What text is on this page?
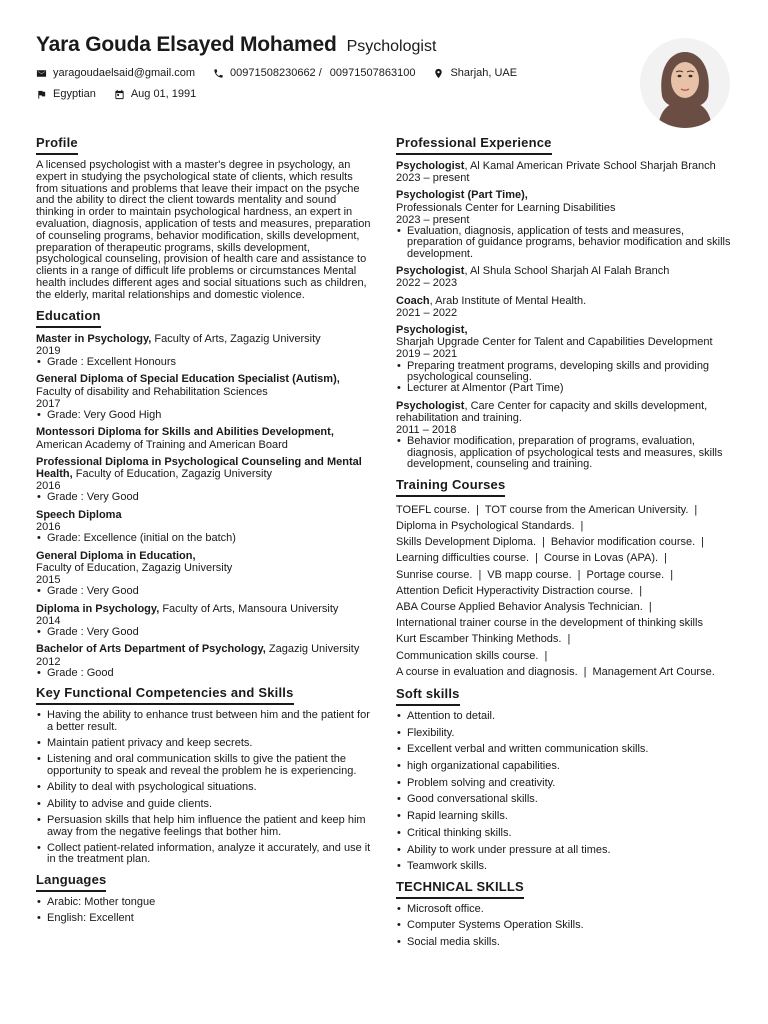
Yara Gouda Elsayed Mohamed Psychologist
yaragoudaelsaid@gmail.com	00971508230662 / 00971507863100	Sharjah, UAE
Egyptian	Aug 01, 1991
Profile
A licensed psychologist with a master's degree in psychology, an expert in studying the psychological state of clients, which results from situations and problems that leave their impact on the psyche and the ability to direct the client towards mentality and sound thinking in order to maintain psychological hardness, an expert in evaluation, diagnosis, application of tests and measures, preparation of counseling programs, behavior modification, skills development, preparation of therapeutic programs, skills development, psychological counseling, provision of health care and assistance to clients in a range of difficult life problems or circumstances Mental health includes different ages and social situations such as children, the elderly, marital relationships and domestic violence.
Education
Master in Psychology, Faculty of Arts, Zagazig University
2019
• Grade : Excellent Honours
General Diploma of Special Education Specialist (Autism),
Faculty of disability and Rehabilitation Sciences
2017
• Grade: Very Good High
Montessori Diploma for Skills and Abilities Development,
American Academy of Training and American Board
Professional Diploma in Psychological Counseling and Mental Health, Faculty of Education, Zagazig University
2016
• Grade : Very Good
Speech Diploma
2016
• Grade: Excellence (initial on the batch)
General Diploma in Education,
Faculty of Education, Zagazig University
2015
• Grade : Very Good
Diploma in Psychology, Faculty of Arts, Mansoura University
2014
• Grade : Very Good
Bachelor of Arts Department of Psychology, Zagazig University
2012
• Grade : Good
Key Functional Competencies and Skills
• Having the ability to enhance trust between him and the patient for a better result.
• Maintain patient privacy and keep secrets.
• Listening and oral communication skills to give the patient the opportunity to speak and reveal the problem he is experiencing.
• Ability to deal with psychological situations.
• Ability to advise and guide clients.
• Persuasion skills that help him influence the patient and keep him away from the negative feelings that bother him.
• Collect patient-related information, analyze it accurately, and use it in the treatment plan.
Languages
• Arabic: Mother tongue
• English: Excellent
Professional Experience
Psychologist, Al Kamal American Private School Sharjah Branch
2023 – present
Psychologist (Part Time),
Professionals Center for Learning Disabilities
2023 – present
• Evaluation, diagnosis, application of tests and measures, preparation of guidance programs, behavior modification and skills development.
Psychologist, Al Shula School Sharjah Al Falah Branch
2022 – 2023
Coach, Arab Institute of Mental Health.
2021 – 2022
Psychologist,
Sharjah Upgrade Center for Talent and Capabilities Development
2019 – 2021
• Preparing treatment programs, developing skills and providing psychological counseling.
• Lecturer at Almentor (Part Time)
Psychologist, Care Center for capacity and skills development, rehabilitation and training.
2011 – 2018
• Behavior modification, preparation of programs, evaluation, diagnosis, application of psychological tests and measures, skills development, counseling and training.
Training Courses
TOEFL course. | TOT course from the American University. |
Diploma in Psychological Standards. |
Skills Development Diploma. | Behavior modification course. |
Learning difficulties course. | Course in Lovas (APA). |
Sunrise course. | VB mapp course. | Portage course. |
Attention Deficit Hyperactivity Distraction course. |
ABA Course Applied Behavior Analysis Technician. |
International trainer course in the development of thinking skills
Kurt Escamber Thinking Methods. |
Communication skills course. |
A course in evaluation and diagnosis. | Management Art Course.
Soft skills
• Attention to detail.
• Flexibility.
• Excellent verbal and written communication skills.
• high organizational capabilities.
• Problem solving and creativity.
• Good conversational skills.
• Rapid learning skills.
• Critical thinking skills.
• Ability to work under pressure at all times.
• Teamwork skills.
TECHNICAL SKILLS
• Microsoft office.
• Computer Systems Operation Skills.
• Social media skills.
